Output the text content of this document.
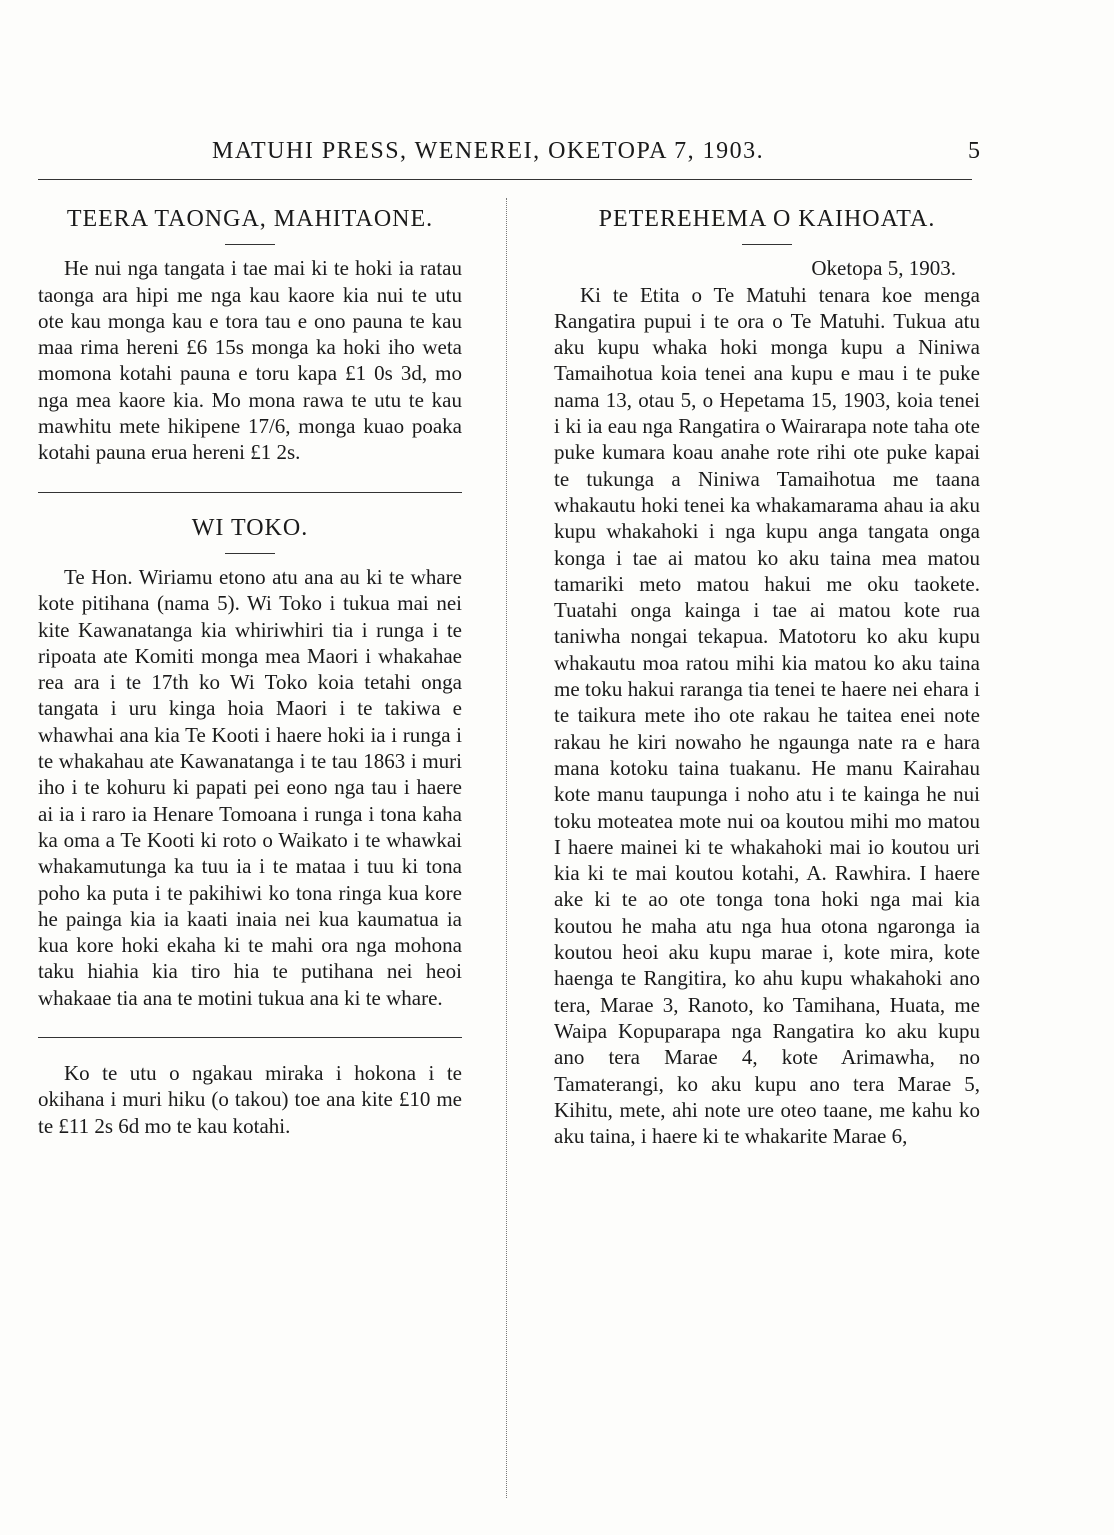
MATUHI PRESS, WENEREI, OKETOPA 7, 1903.	5
TEERA TAONGA, MAHITAONE.

He nui nga tangata i tae mai ki te hoki ia ratau taonga ara hipi me nga kau kaore kia nui te utu ote kau monga kau e tora tau e ono pauna te kau maa rima hereni £6 15s monga ka hoki iho weta momona kotahi pauna e toru kapa £1 0s 3d, mo nga mea kaore kia. Mo mona rawa te utu te kau mawhitu mete hikipene 17/6, monga kuao poaka kotahi pauna erua hereni £1 2s.

WI TOKO.

Te Hon. Wiriamu etono atu ana au ki te whare kote pitihana (nama 5). Wi Toko i tukua mai nei kite Kawanatanga kia whiriwhiri tia i runga i te ripoata ate Komiti monga mea Maori i whakahae rea ara i te 17th ko Wi Toko koia tetahi onga tangata i uru kinga hoia Maori i te takiwa e whawhai ana kia Te Kooti i haere hoki ia i runga i te whakahau ate Kawanatanga i te tau 1863 i muri iho i te kohuru ki papati pei eono nga tau i haere ai ia i raro ia Henare Tomoana i runga i tona kaha ka oma a Te Kooti ki roto o Waikato i te whawkai whakamutunga ka tuu ia i te mataa i tuu ki tona poho ka puta i te pakihiwi ko tona ringa kua kore he painga kia ia kaati inaia nei kua kaumatua ia kua kore hoki ekaha ki te mahi ora nga mohona taku hiahia kia tiro hia te putihana nei heoi whakaae tia ana te motini tukua ana ki te whare.

Ko te utu o ngakau miraka i hokona i te okihana i muri hiku (o takou) toe ana kite £10 me te £11 2s 6d mo te kau kotahi.

PETEREHEMA O KAIHOATA.

Oketopa 5, 1903.

Ki te Etita o Te Matuhi tenara koe menga Rangatira pupui i te ora o Te Matuhi. Tukua atu aku kupu whaka hoki monga kupu a Niniwa Tamaihotua koia tenei ana kupu e mau i te puke nama 13, otau 5, o Hepetama 15, 1903, koia tenei i ki ia eau nga Rangatira o Wairarapa note taha ote puke kumara koau anahe rote rihi ote puke kapai te tukunga a Niniwa Tamaihotua me taana whakautu hoki tenei ka whakamarama ahau ia aku kupu whakahoki i nga kupu anga tangata onga konga i tae ai matou ko aku taina mea matou tamariki meto matou hakui me oku taokete. Tuatahi onga kainga i tae ai matou kote rua taniwha nongai tekapua. Matotoru ko aku kupu whakautu moa ratou mihi kia matou ko aku taina me toku hakui raranga tia tenei te haere nei ehara i te taikura mete iho ote rakau he taitea enei note rakau he kiri nowaho he ngaunga nate ra e hara mana kotoku taina tuakanu. He manu Kairahau kote manu taupunga i noho atu i te kainga he nui toku moteatea mote nui oa koutou mihi mo matou I haere mainei ki te whakahoki mai io koutou uri kia ki te mai koutou kotahi, A. Rawhira. I haere ake ki te ao ote tonga tona hoki nga mai kia koutou he maha atu nga hua otona ngaronga ia koutou heoi aku kupu marae i, kote mira, kote haenga te Rangitira, ko ahu kupu whakahoki ano tera, Marae 3, Ranoto, ko Tamihana, Huata, me Waipa Kopuparapa nga Rangatira ko aku kupu ano tera Marae 4, kote Arimawha, no Tamaterangi, ko aku kupu ano tera Marae 5, Kihitu, mete, ahi note ure oteo taane, me kahu ko aku taina, i haere ki te whakarite Marae 6,
